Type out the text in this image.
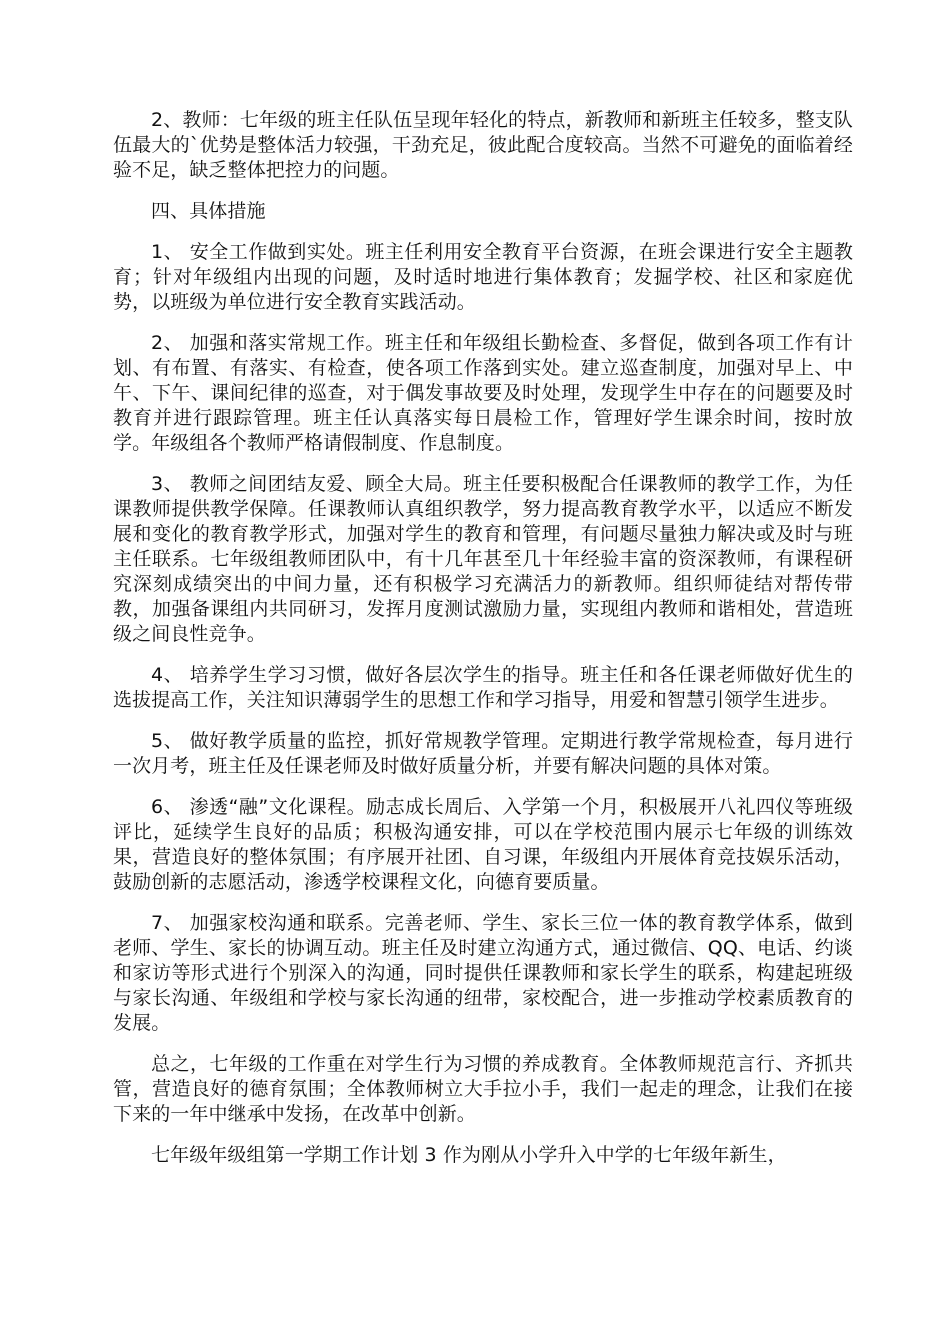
2、教师：七年级的班主任队伍呈现年轻化的特点，新教师和新班主任较多，整支队伍最大的`优势是整体活力较强，干劲充足，彼此配合度较高。当然不可避免的面临着经验不足，缺乏整体把控力的问题。

四、具体措施

1、 安全工作做到实处。班主任利用安全教育平台资源，在班会课进行安全主题教育；针对年级组内出现的问题，及时适时地进行集体教育；发掘学校、社区和家庭优势，以班级为单位进行安全教育实践活动。

2、 加强和落实常规工作。班主任和年级组长勤检查、多督促，做到各项工作有计划、有布置、有落实、有检查，使各项工作落到实处。建立巡查制度，加强对早上、中午、下午、课间纪律的巡查，对于偶发事故要及时处理，发现学生中存在的问题要及时教育并进行跟踪管理。班主任认真落实每日晨检工作，管理好学生课余时间，按时放学。年级组各个教师严格请假制度、作息制度。

3、 教师之间团结友爱、顾全大局。班主任要积极配合任课教师的教学工作，为任课教师提供教学保障。任课教师认真组织教学，努力提高教育教学水平，以适应不断发展和变化的教育教学形式，加强对学生的教育和管理，有问题尽量独力解决或及时与班主任联系。七年级组教师团队中，有十几年甚至几十年经验丰富的资深教师，有课程研究深刻成绩突出的中间力量，还有积极学习充满活力的新教师。组织师徒结对帮传带教，加强备课组内共同研习，发挥月度测试激励力量，实现组内教师和谐相处，营造班级之间良性竞争。

4、 培养学生学习习惯，做好各层次学生的指导。班主任和各任课老师做好优生的选拔提高工作，关注知识薄弱学生的思想工作和学习指导，用爱和智慧引领学生进步。

5、 做好教学质量的监控，抓好常规教学管理。定期进行教学常规检查，每月进行一次月考，班主任及任课老师及时做好质量分析，并要有解决问题的具体对策。

6、 渗透“融”文化课程。励志成长周后、入学第一个月，积极展开八礼四仪等班级评比，延续学生良好的品质；积极沟通安排，可以在学校范围内展示七年级的训练效果，营造良好的整体氛围；有序展开社团、自习课，年级组内开展体育竞技娱乐活动，鼓励创新的志愿活动，渗透学校课程文化，向德育要质量。

7、 加强家校沟通和联系。完善老师、学生、家长三位一体的教育教学体系，做到老师、学生、家长的协调互动。班主任及时建立沟通方式，通过微信、QQ、电话、约谈和家访等形式进行个别深入的沟通，同时提供任课教师和家长学生的联系，构建起班级与家长沟通、年级组和学校与家长沟通的纽带，家校配合，进一步推动学校素质教育的发展。

总之，七年级的工作重在对学生行为习惯的养成教育。全体教师规范言行、齐抓共管，营造良好的德育氛围；全体教师树立大手拉小手，我们一起走的理念，让我们在接下来的一年中继承中发扬，在改革中创新。

七年级年级组第一学期工作计划 3 作为刚从小学升入中学的七年级年新生，
